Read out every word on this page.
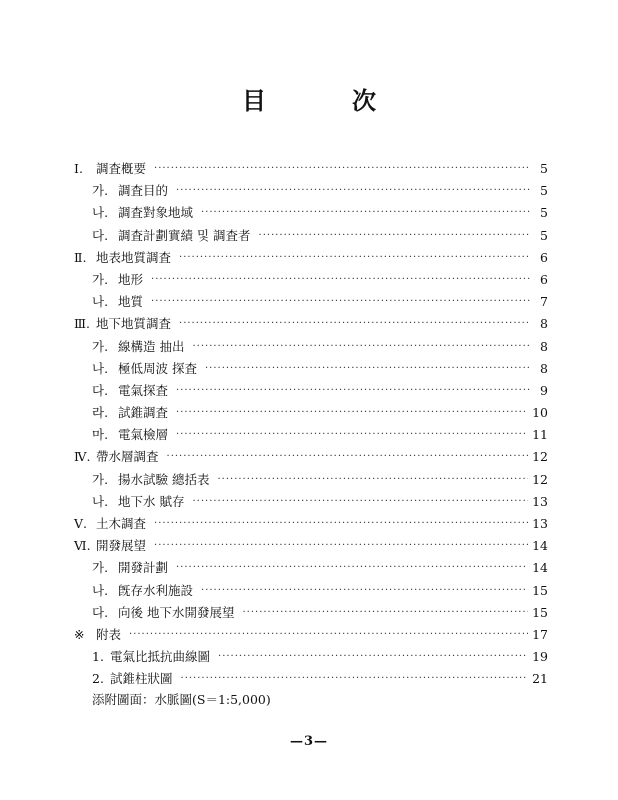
目	次
Ⅰ.	調査槪要 ·····	5
가. 調査目的 ·····	5
나. 調査對象地域 ·····	5
다. 調査計劃實績 및 調査者 ·····	5
Ⅱ. 地表地質調査 ·····	6
가. 地形 ·····	6
나. 地質 ·····	7
Ⅲ. 地下地質調査 ·····	8
가. 線構造 抽出 ·····	8
나. 極低周波 探査 ·····	8
다. 電氣探査 ·····	9
라. 試錐調査 ·····	10
마. 電氣檢層 ·····	11
Ⅳ. 帶水層調査 ·····	12
가. 揚水試驗 總括表 ·····	12
나. 地下水 賦存 ·····	13
Ⅴ. 土木調査 ·····	13
Ⅵ. 開發展望 ·····	14
가. 開發計劃 ·····	14
나. 旣存水利施設 ·····	15
다. 向後 地下水開發展望 ·····	15
※ 附表 ·····	17
1. 電氣比抵抗曲線圖 ·····	19
2. 試錐柱狀圖 ·····	21
添附圖面：水脈圖(S＝1:5,000)
—3—
